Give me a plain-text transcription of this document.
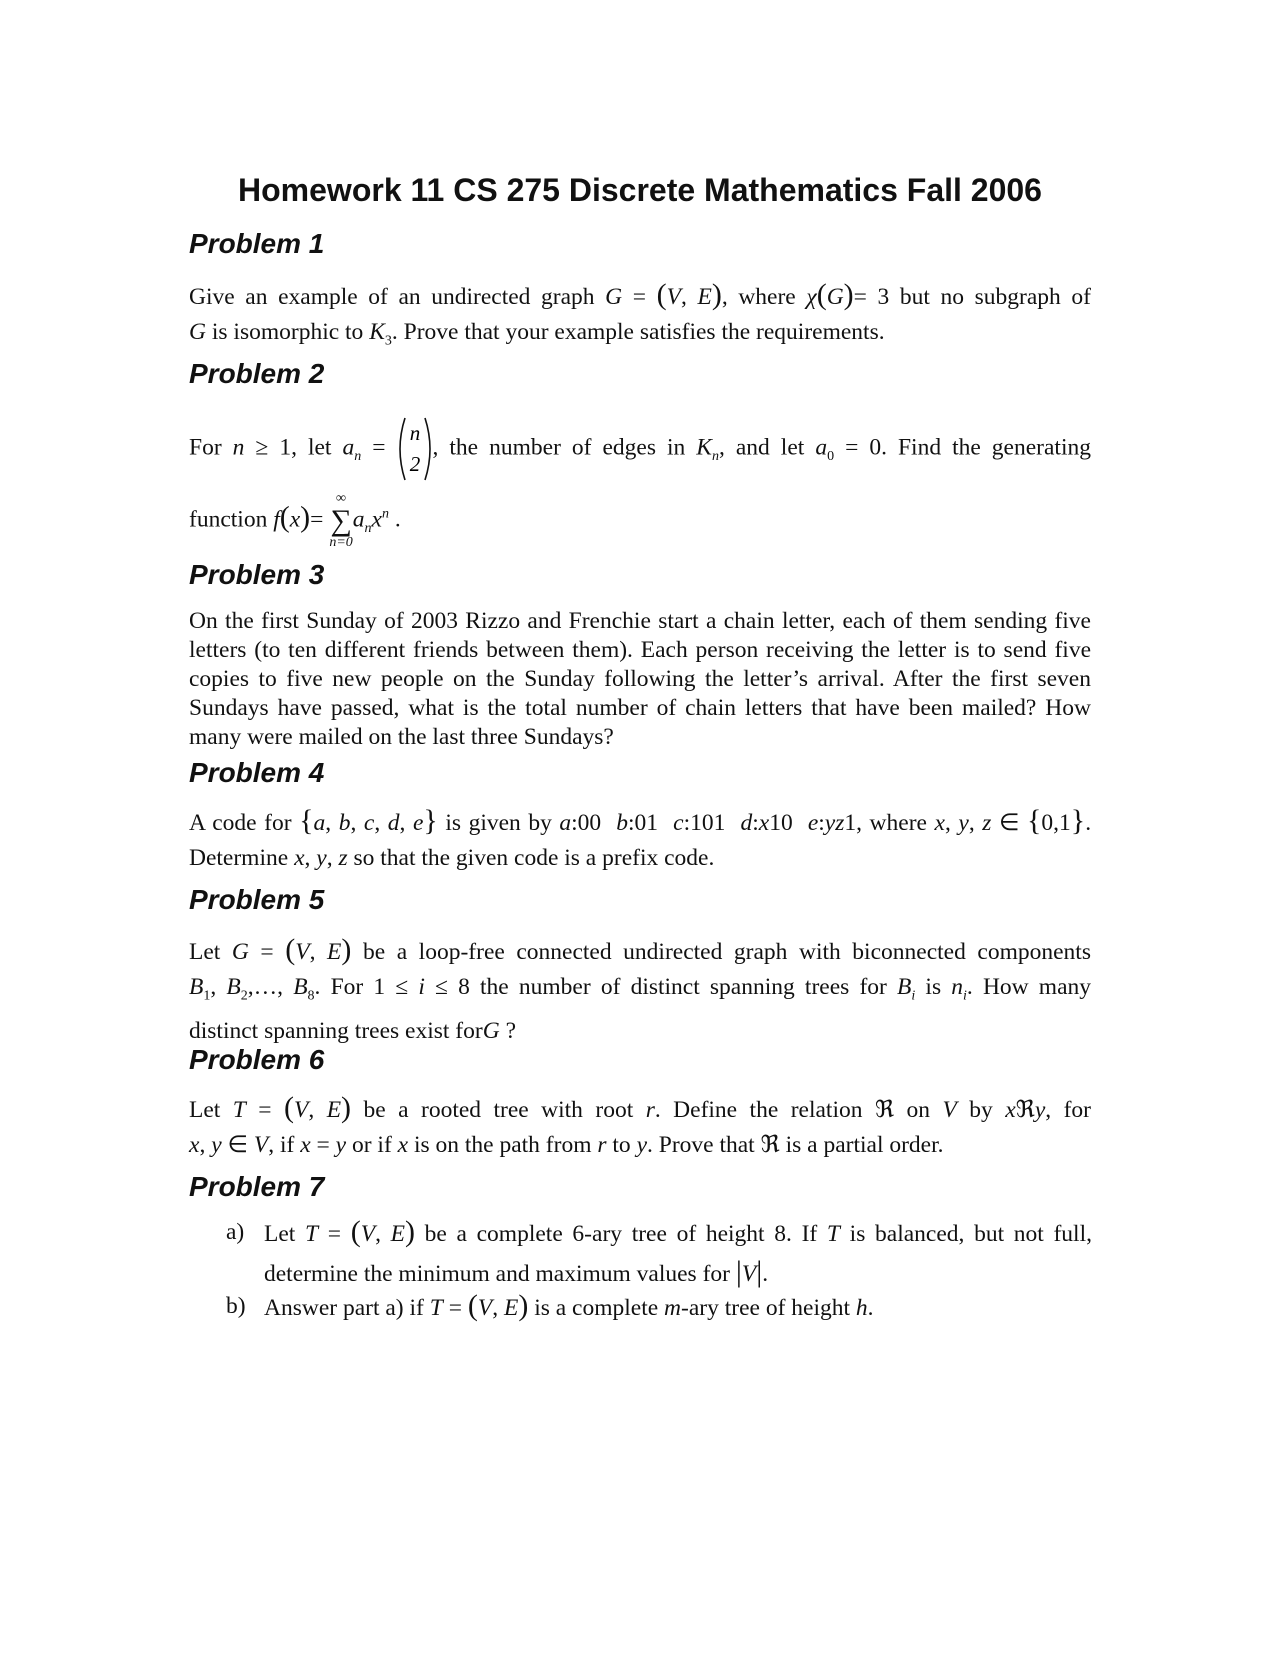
Homework 11 CS 275 Discrete Mathematics Fall 2006
Problem 1
Give an example of an undirected graph G = (V, E), where χ(G)= 3 but no subgraph of
G is isomorphic to $K_3$. Prove that your example satisfies the requirements.
Problem 2
For n ≥ 1, let $a_n$ =
n
2
, the number of edges in $K_n$, and let $a_0 = 0$. Find the generating
function f(x)=
∞
∑
n=0
$a_nx^n$ .
Problem 3
On the first Sunday of 2003 Rizzo and Frenchie start a chain letter, each of them sending five letters (to ten different friends between them). Each person receiving the letter is to send five copies to five new people on the Sunday following the letter’s arrival. After the first seven Sundays have passed, what is the total number of chain letters that have been mailed? How many were mailed on the last three Sundays?
Problem 4
A code for {a, b, c, d, e} is given by a:00  b:01  c:101  d:x10  e:yz1, where x, y, z ∈ {0,1}.
Determine x, y, z so that the given code is a prefix code.
Problem 5
Let G = (V, E) be a loop-free connected undirected graph with biconnected components
$B_1$, $B_2,\dots$, $B_8$. For 1 ≤ i ≤ 8 the number of distinct spanning trees for $B_i$ is $n_i$. How many
distinct spanning trees exist forG ?
Problem 6
Let T = (V, E) be a rooted tree with root r. Define the relation ℜ on V by xℜy, for
x, y ∈ V, if x = y or if x is on the path from r to y. Prove that ℜ is a partial order.
Problem 7
a) Let T = (V, E) be a complete 6-ary tree of height 8. If T is balanced, but not full,
determine the minimum and maximum values for |V|.
b) Answer part a) if T = (V, E) is a complete m-ary tree of height h.
